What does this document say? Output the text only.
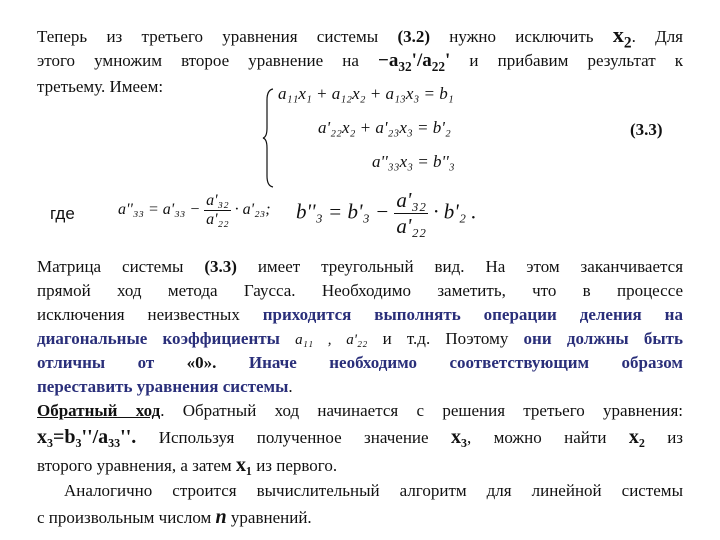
Теперь из третьего уравнения системы (3.2) нужно исключить $x_2$. Для
этого умножим второе уравнение на $-a_{32}'/a_{22}'$ и прибавим результат к
третьему. Имеем:	a₁₁x₁ + a₁₂x₂ + a₁₃x₃ = b₁
a'₂₂x₂ + a'₂₃x₃ = b'₂
a''₃₃x₃ = b''₃
(3.3)
где	$a''_{33} = a'_{33} - \frac{\text{a'₃₂}}{\text{a'₂₂}} \cdot a'_{23}$; $b''_3 = b'_3 - \frac{\text{a'₃₂}}{\text{a'₂₂}} \cdot b'_2$ .
Матрица системы (3.3) имеет треугольный вид. На этом заканчивается
прямой ход метода Гаусса. Необходимо заметить, что в процессе
исключения неизвестных приходится выполнять операции деления на
диагональные коэффициенты a₁₁ , a'₂₂ и т.д. Поэтому они должны быть
отличны от «0». Иначе необходимо соответствующим образом
переставить уравнения системы.
Обратный ход. Обратный ход начинается с решения третьего уравнения:
x₃=b₃''/a₃₃''. Используя полученное значение x₃, можно найти x₂ из
второго уравнения, а затем x₁ из первого.
Аналогично строится вычислительный алгоритм для линейной системы
с произвольным числом n уравнений.
